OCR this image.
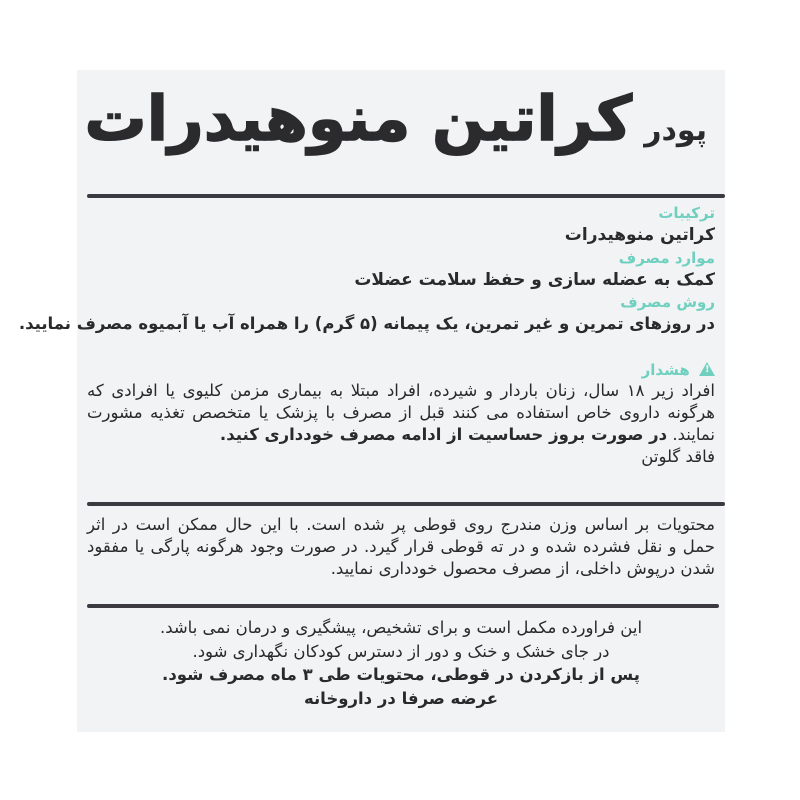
پودر
کراتین منوهیدرات
ترکیبات
کراتین منوهیدرات
موارد مصرف
کمک به عضله سازی و حفظ سلامت عضلات
روش مصرف
در روزهای تمرین و غیر تمرین، یک پیمانه (۵ گرم) را همراه آب یا آبمیوه مصرف نمایید.
! هشدار
افراد زیر ۱۸ سال، زنان باردار و شیرده، افراد مبتلا به بیماری مزمن کلیوی یا افرادی که هرگونه داروی خاص استفاده می کنند قبل از مصرف با پزشک یا متخصص تغذیه مشورت نمایند. در صورت بروز حساسیت از ادامه مصرف خودداری کنید.
فاقد گلوتن
محتویات بر اساس وزن مندرج روی قوطی پر شده است. با این حال ممکن است در اثر حمل و نقل فشرده شده و در ته قوطی قرار گیرد. در صورت وجود هرگونه پارگی یا مفقود شدن درپوش داخلی، از مصرف محصول خودداری نمایید.
این فراورده مکمل است و برای تشخیص، پیشگیری و درمان نمی باشد.
در جای خشک و خنک و دور از دسترس کودکان نگهداری شود.
پس از بازکردن در قوطی، محتویات طی ۳ ماه مصرف شود.
عرضه صرفا در داروخانه
